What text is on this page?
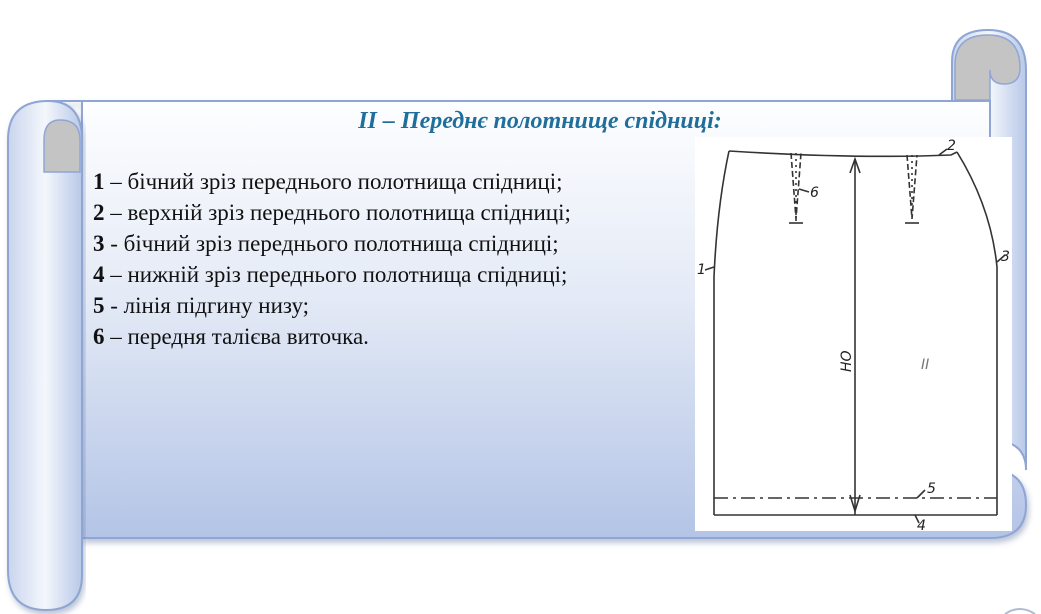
II – Переднє полотнище спідниці:
1 – бічний зріз переднього полотнища спідниці;
2 – верхній зріз переднього полотнища спідниці;
3 - бічний зріз переднього полотнища спідниці;
4 – нижній зріз переднього полотнища спідниці;
5 - лінія підгину низу;
6 – передня талієва виточка.
1
2
3
4
5
6
НО	II
